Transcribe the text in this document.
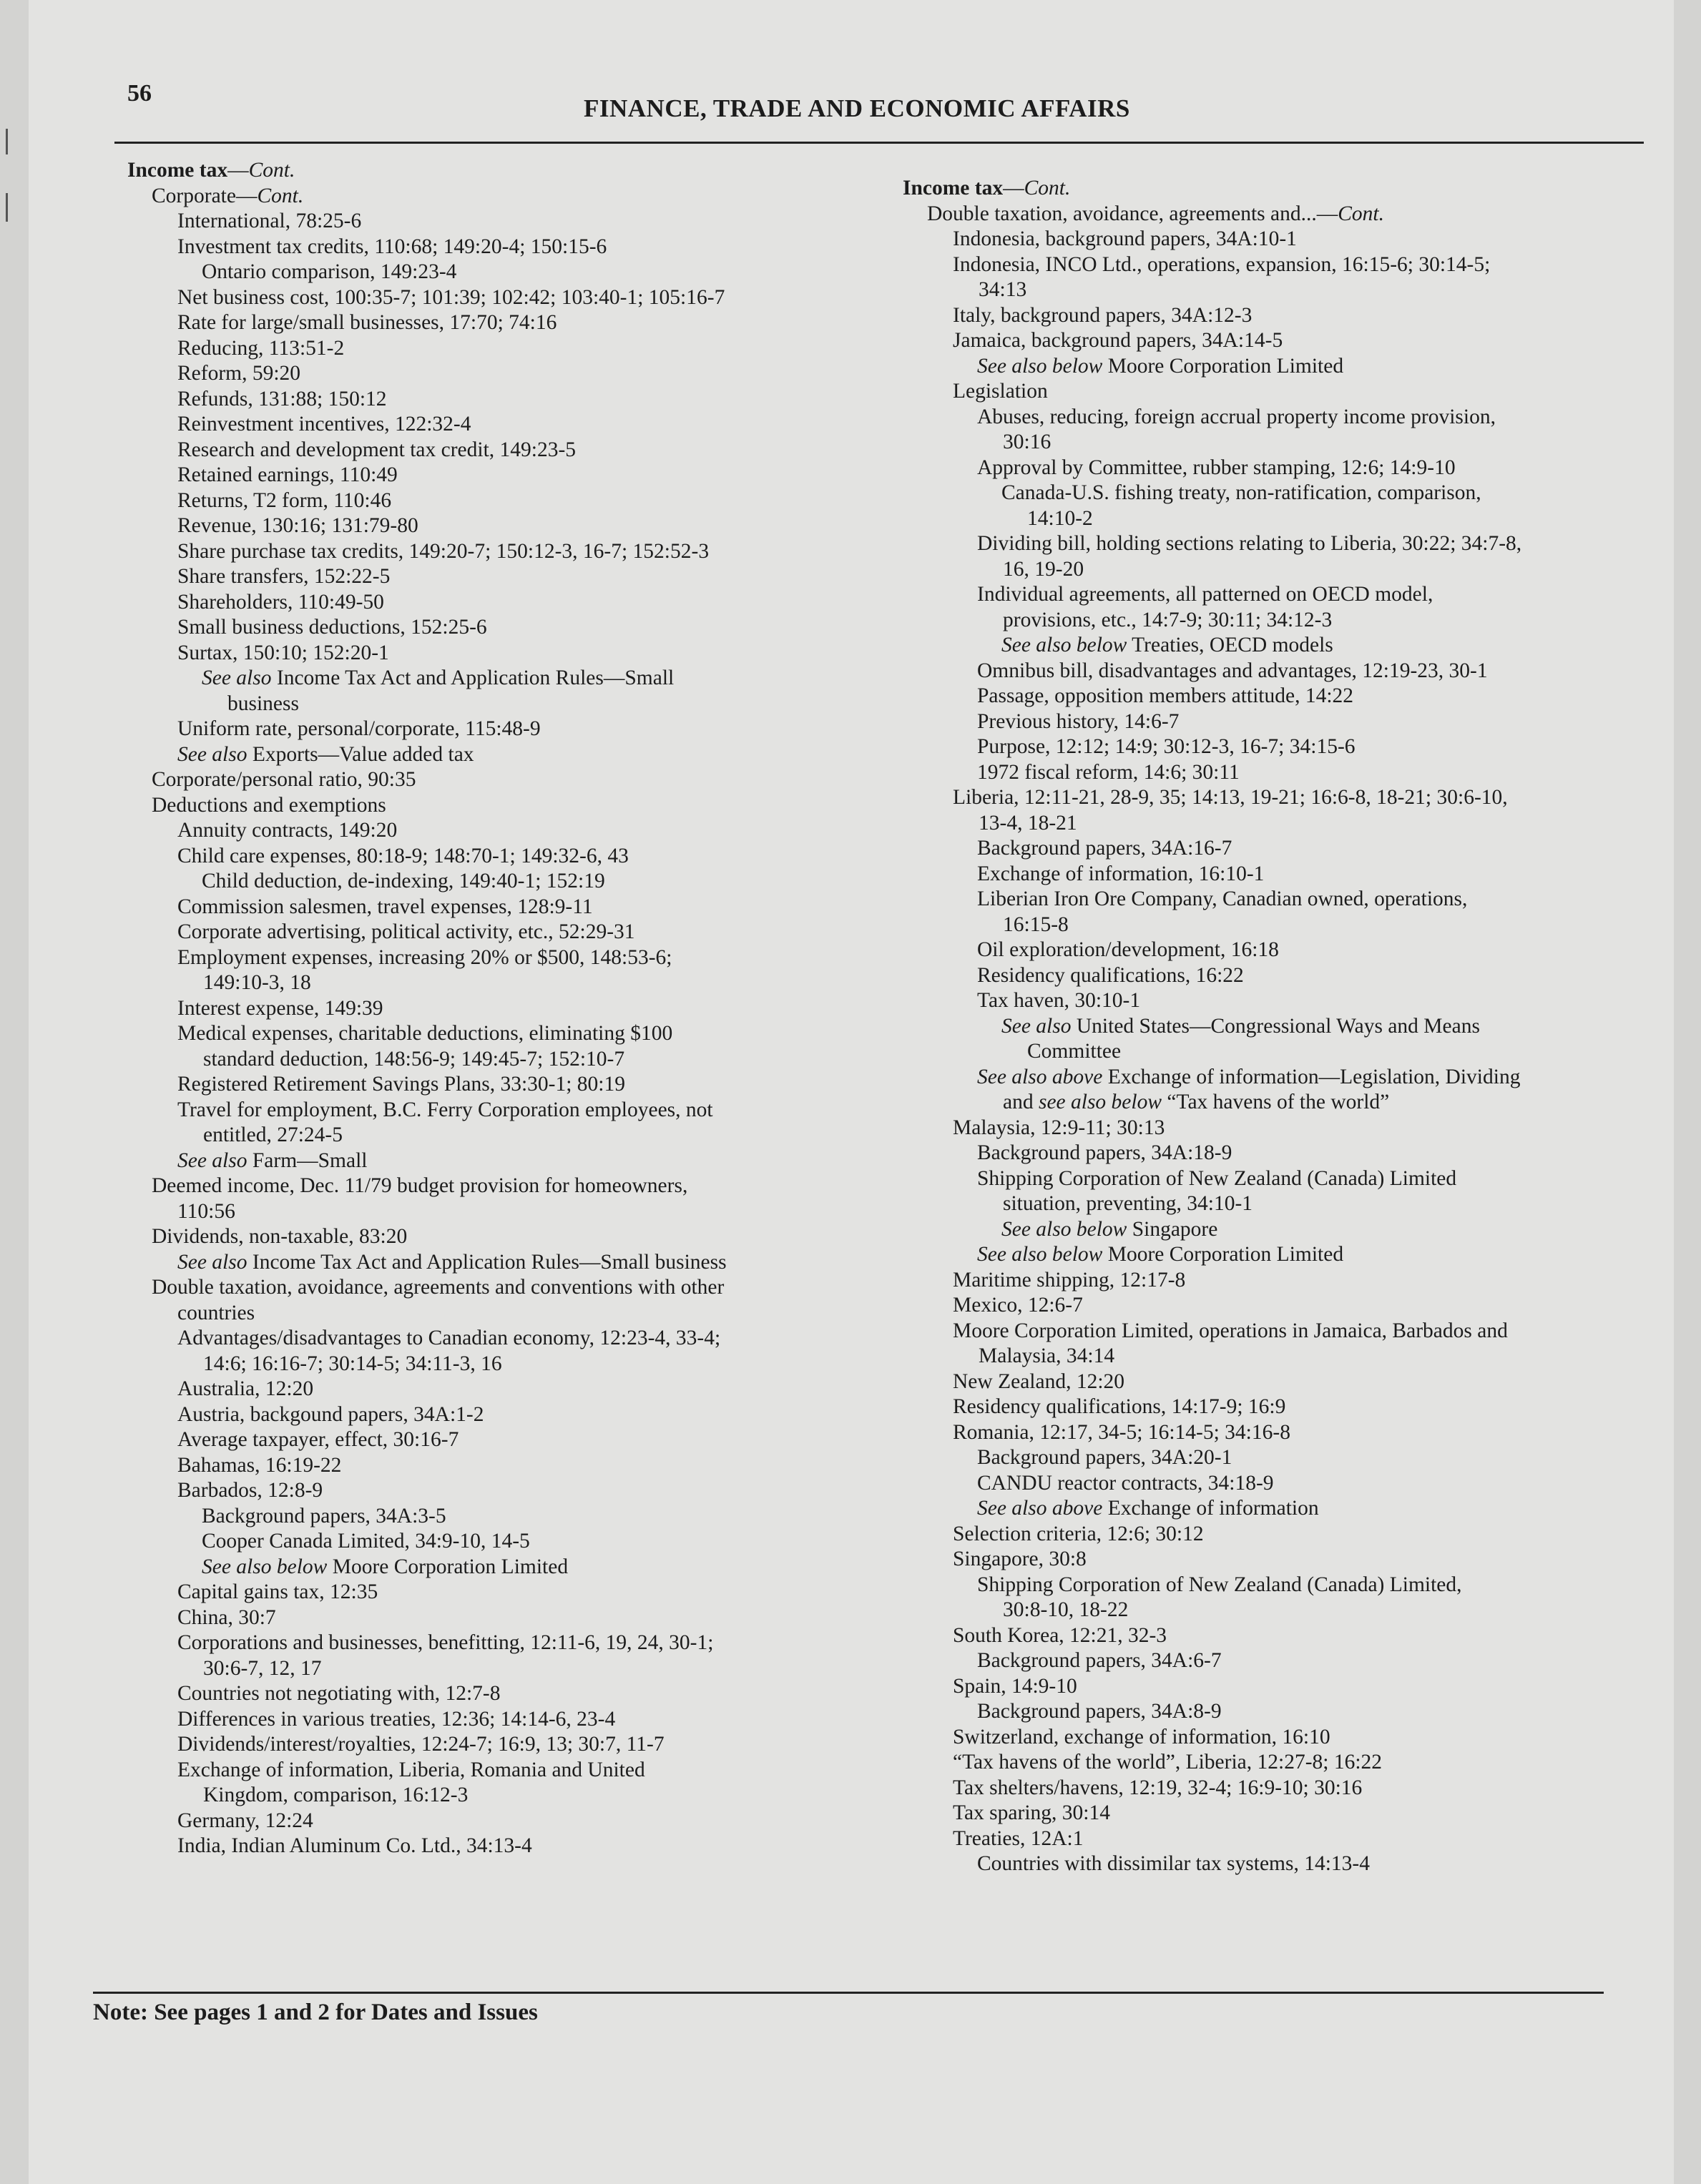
56
FINANCE, TRADE AND ECONOMIC AFFAIRS
Income tax—Cont.
Corporate—Cont.
International, 78:25-6
Investment tax credits, 110:68; 149:20-4; 150:15-6
Ontario comparison, 149:23-4
Net business cost, 100:35-7; 101:39; 102:42; 103:40-1; 105:16-7
Rate for large/small businesses, 17:70; 74:16
Reducing, 113:51-2
Reform, 59:20
Refunds, 131:88; 150:12
Reinvestment incentives, 122:32-4
Research and development tax credit, 149:23-5
Retained earnings, 110:49
Returns, T2 form, 110:46
Revenue, 130:16; 131:79-80
Share purchase tax credits, 149:20-7; 150:12-3, 16-7; 152:52-3
Share transfers, 152:22-5
Shareholders, 110:49-50
Small business deductions, 152:25-6
Surtax, 150:10; 152:20-1
See also Income Tax Act and Application Rules—Small
business
Uniform rate, personal/corporate, 115:48-9
See also Exports—Value added tax
Corporate/personal ratio, 90:35
Deductions and exemptions
Annuity contracts, 149:20
Child care expenses, 80:18-9; 148:70-1; 149:32-6, 43
Child deduction, de-indexing, 149:40-1; 152:19
Commission salesmen, travel expenses, 128:9-11
Corporate advertising, political activity, etc., 52:29-31
Employment expenses, increasing 20% or $500, 148:53-6;
149:10-3, 18
Interest expense, 149:39
Medical expenses, charitable deductions, eliminating $100
standard deduction, 148:56-9; 149:45-7; 152:10-7
Registered Retirement Savings Plans, 33:30-1; 80:19
Travel for employment, B.C. Ferry Corporation employees, not
entitled, 27:24-5
See also Farm—Small
Deemed income, Dec. 11/79 budget provision for homeowners,
110:56
Dividends, non-taxable, 83:20
See also Income Tax Act and Application Rules—Small business
Double taxation, avoidance, agreements and conventions with other
countries
Advantages/disadvantages to Canadian economy, 12:23-4, 33-4;
14:6; 16:16-7; 30:14-5; 34:11-3, 16
Australia, 12:20
Austria, backgound papers, 34A:1-2
Average taxpayer, effect, 30:16-7
Bahamas, 16:19-22
Barbados, 12:8-9
Background papers, 34A:3-5
Cooper Canada Limited, 34:9-10, 14-5
See also below Moore Corporation Limited
Capital gains tax, 12:35
China, 30:7
Corporations and businesses, benefitting, 12:11-6, 19, 24, 30-1;
30:6-7, 12, 17
Countries not negotiating with, 12:7-8
Differences in various treaties, 12:36; 14:14-6, 23-4
Dividends/interest/royalties, 12:24-7; 16:9, 13; 30:7, 11-7
Exchange of information, Liberia, Romania and United
Kingdom, comparison, 16:12-3
Germany, 12:24
India, Indian Aluminum Co. Ltd., 34:13-4
Income tax—Cont.
Double taxation, avoidance, agreements and...—Cont.
Indonesia, background papers, 34A:10-1
Indonesia, INCO Ltd., operations, expansion, 16:15-6; 30:14-5;
34:13
Italy, background papers, 34A:12-3
Jamaica, background papers, 34A:14-5
See also below Moore Corporation Limited
Legislation
Abuses, reducing, foreign accrual property income provision,
30:16
Approval by Committee, rubber stamping, 12:6; 14:9-10
Canada-U.S. fishing treaty, non-ratification, comparison,
14:10-2
Dividing bill, holding sections relating to Liberia, 30:22; 34:7-8,
16, 19-20
Individual agreements, all patterned on OECD model,
provisions, etc., 14:7-9; 30:11; 34:12-3
See also below Treaties, OECD models
Omnibus bill, disadvantages and advantages, 12:19-23, 30-1
Passage, opposition members attitude, 14:22
Previous history, 14:6-7
Purpose, 12:12; 14:9; 30:12-3, 16-7; 34:15-6
1972 fiscal reform, 14:6; 30:11
Liberia, 12:11-21, 28-9, 35; 14:13, 19-21; 16:6-8, 18-21; 30:6-10,
13-4, 18-21
Background papers, 34A:16-7
Exchange of information, 16:10-1
Liberian Iron Ore Company, Canadian owned, operations,
16:15-8
Oil exploration/development, 16:18
Residency qualifications, 16:22
Tax haven, 30:10-1
See also United States—Congressional Ways and Means
Committee
See also above Exchange of information—Legislation, Dividing
and see also below “Tax havens of the world”
Malaysia, 12:9-11; 30:13
Background papers, 34A:18-9
Shipping Corporation of New Zealand (Canada) Limited
situation, preventing, 34:10-1
See also below Singapore
See also below Moore Corporation Limited
Maritime shipping, 12:17-8
Mexico, 12:6-7
Moore Corporation Limited, operations in Jamaica, Barbados and
Malaysia, 34:14
New Zealand, 12:20
Residency qualifications, 14:17-9; 16:9
Romania, 12:17, 34-5; 16:14-5; 34:16-8
Background papers, 34A:20-1
CANDU reactor contracts, 34:18-9
See also above Exchange of information
Selection criteria, 12:6; 30:12
Singapore, 30:8
Shipping Corporation of New Zealand (Canada) Limited,
30:8-10, 18-22
South Korea, 12:21, 32-3
Background papers, 34A:6-7
Spain, 14:9-10
Background papers, 34A:8-9
Switzerland, exchange of information, 16:10
“Tax havens of the world”, Liberia, 12:27-8; 16:22
Tax shelters/havens, 12:19, 32-4; 16:9-10; 30:16
Tax sparing, 30:14
Treaties, 12A:1
Countries with dissimilar tax systems, 14:13-4
Note: See pages 1 and 2 for Dates and Issues
